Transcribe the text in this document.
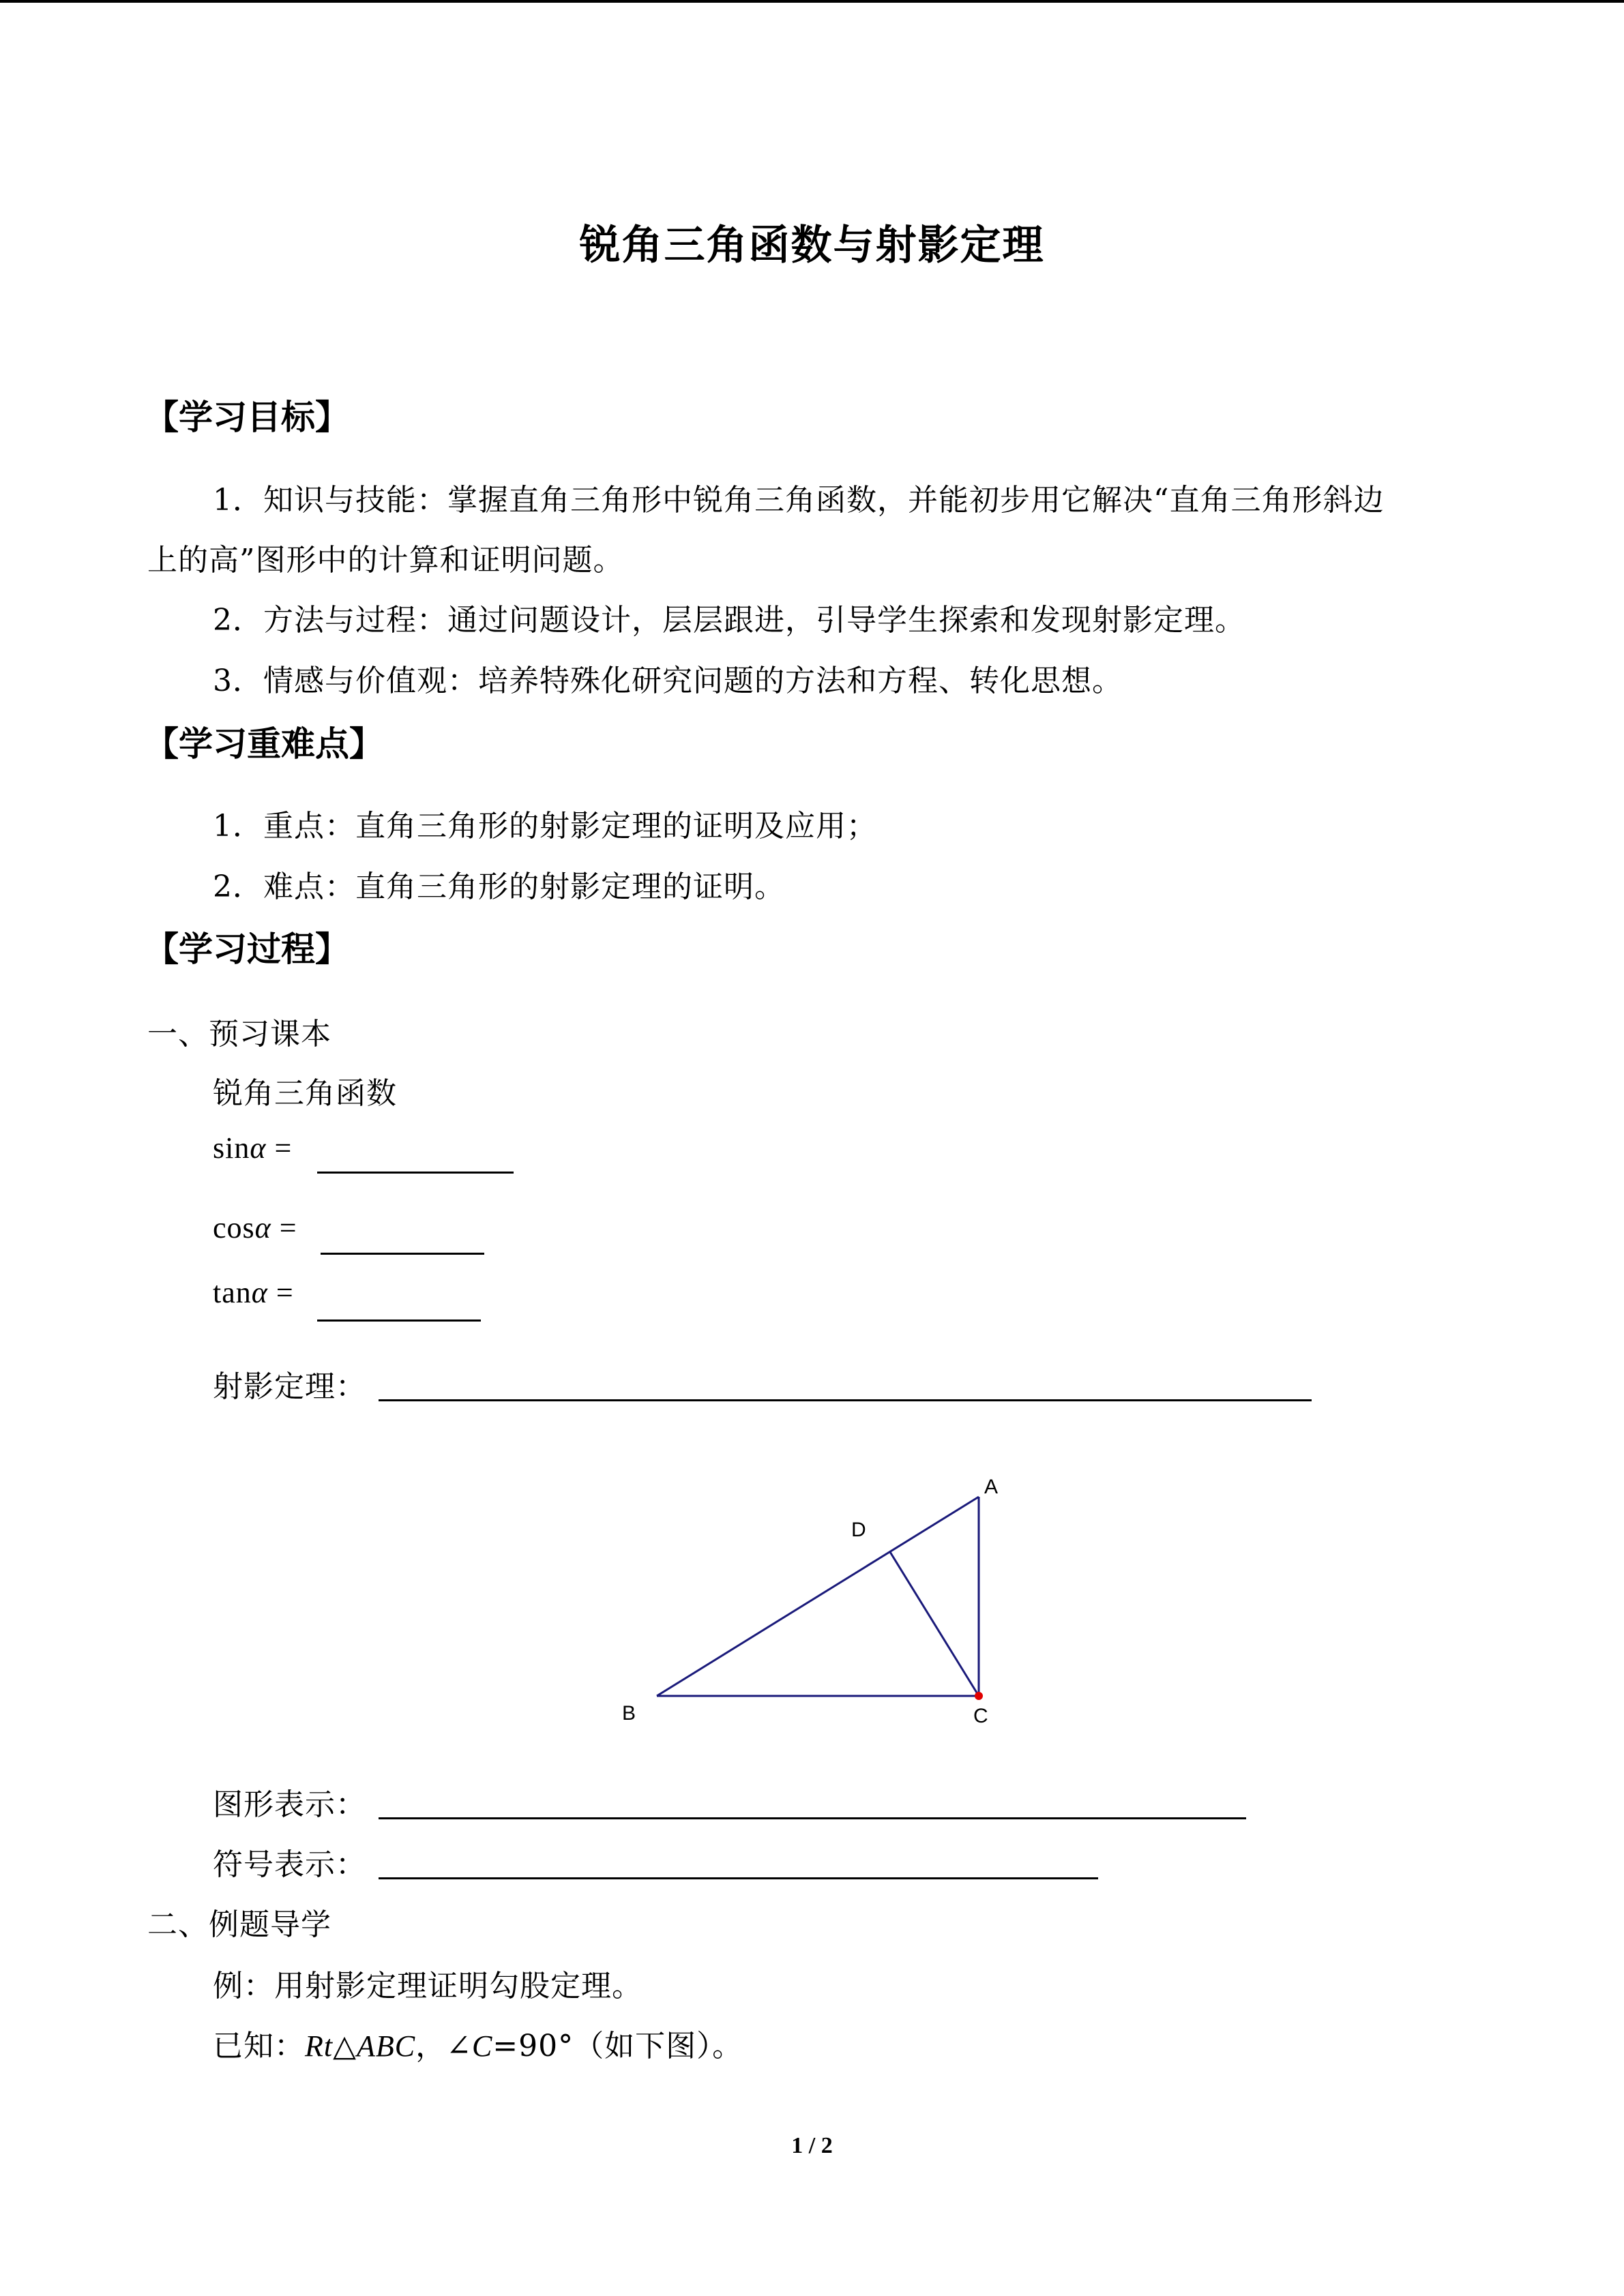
锐角三角函数与射影定理
【学习目标】
1．知识与技能：掌握直角三角形中锐角三角函数，并能初步用它解决“直角三角形斜边
上的高”图形中的计算和证明问题。
2．方法与过程：通过问题设计，层层跟进，引导学生探索和发现射影定理。
3．情感与价值观：培养特殊化研究问题的方法和方程、转化思想。
【学习重难点】
1．重点：直角三角形的射影定理的证明及应用；
2．难点：直角三角形的射影定理的证明。
【学习过程】
一、预习课本
锐角三角函数
sinα =
cosα =
tanα =
射影定理：
A
D
B	C
图形表示：
符号表示：
二、例题导学
例：用射影定理证明勾股定理。
已知：Rt△ABC，∠C=90°（如下图）。
1 / 2
